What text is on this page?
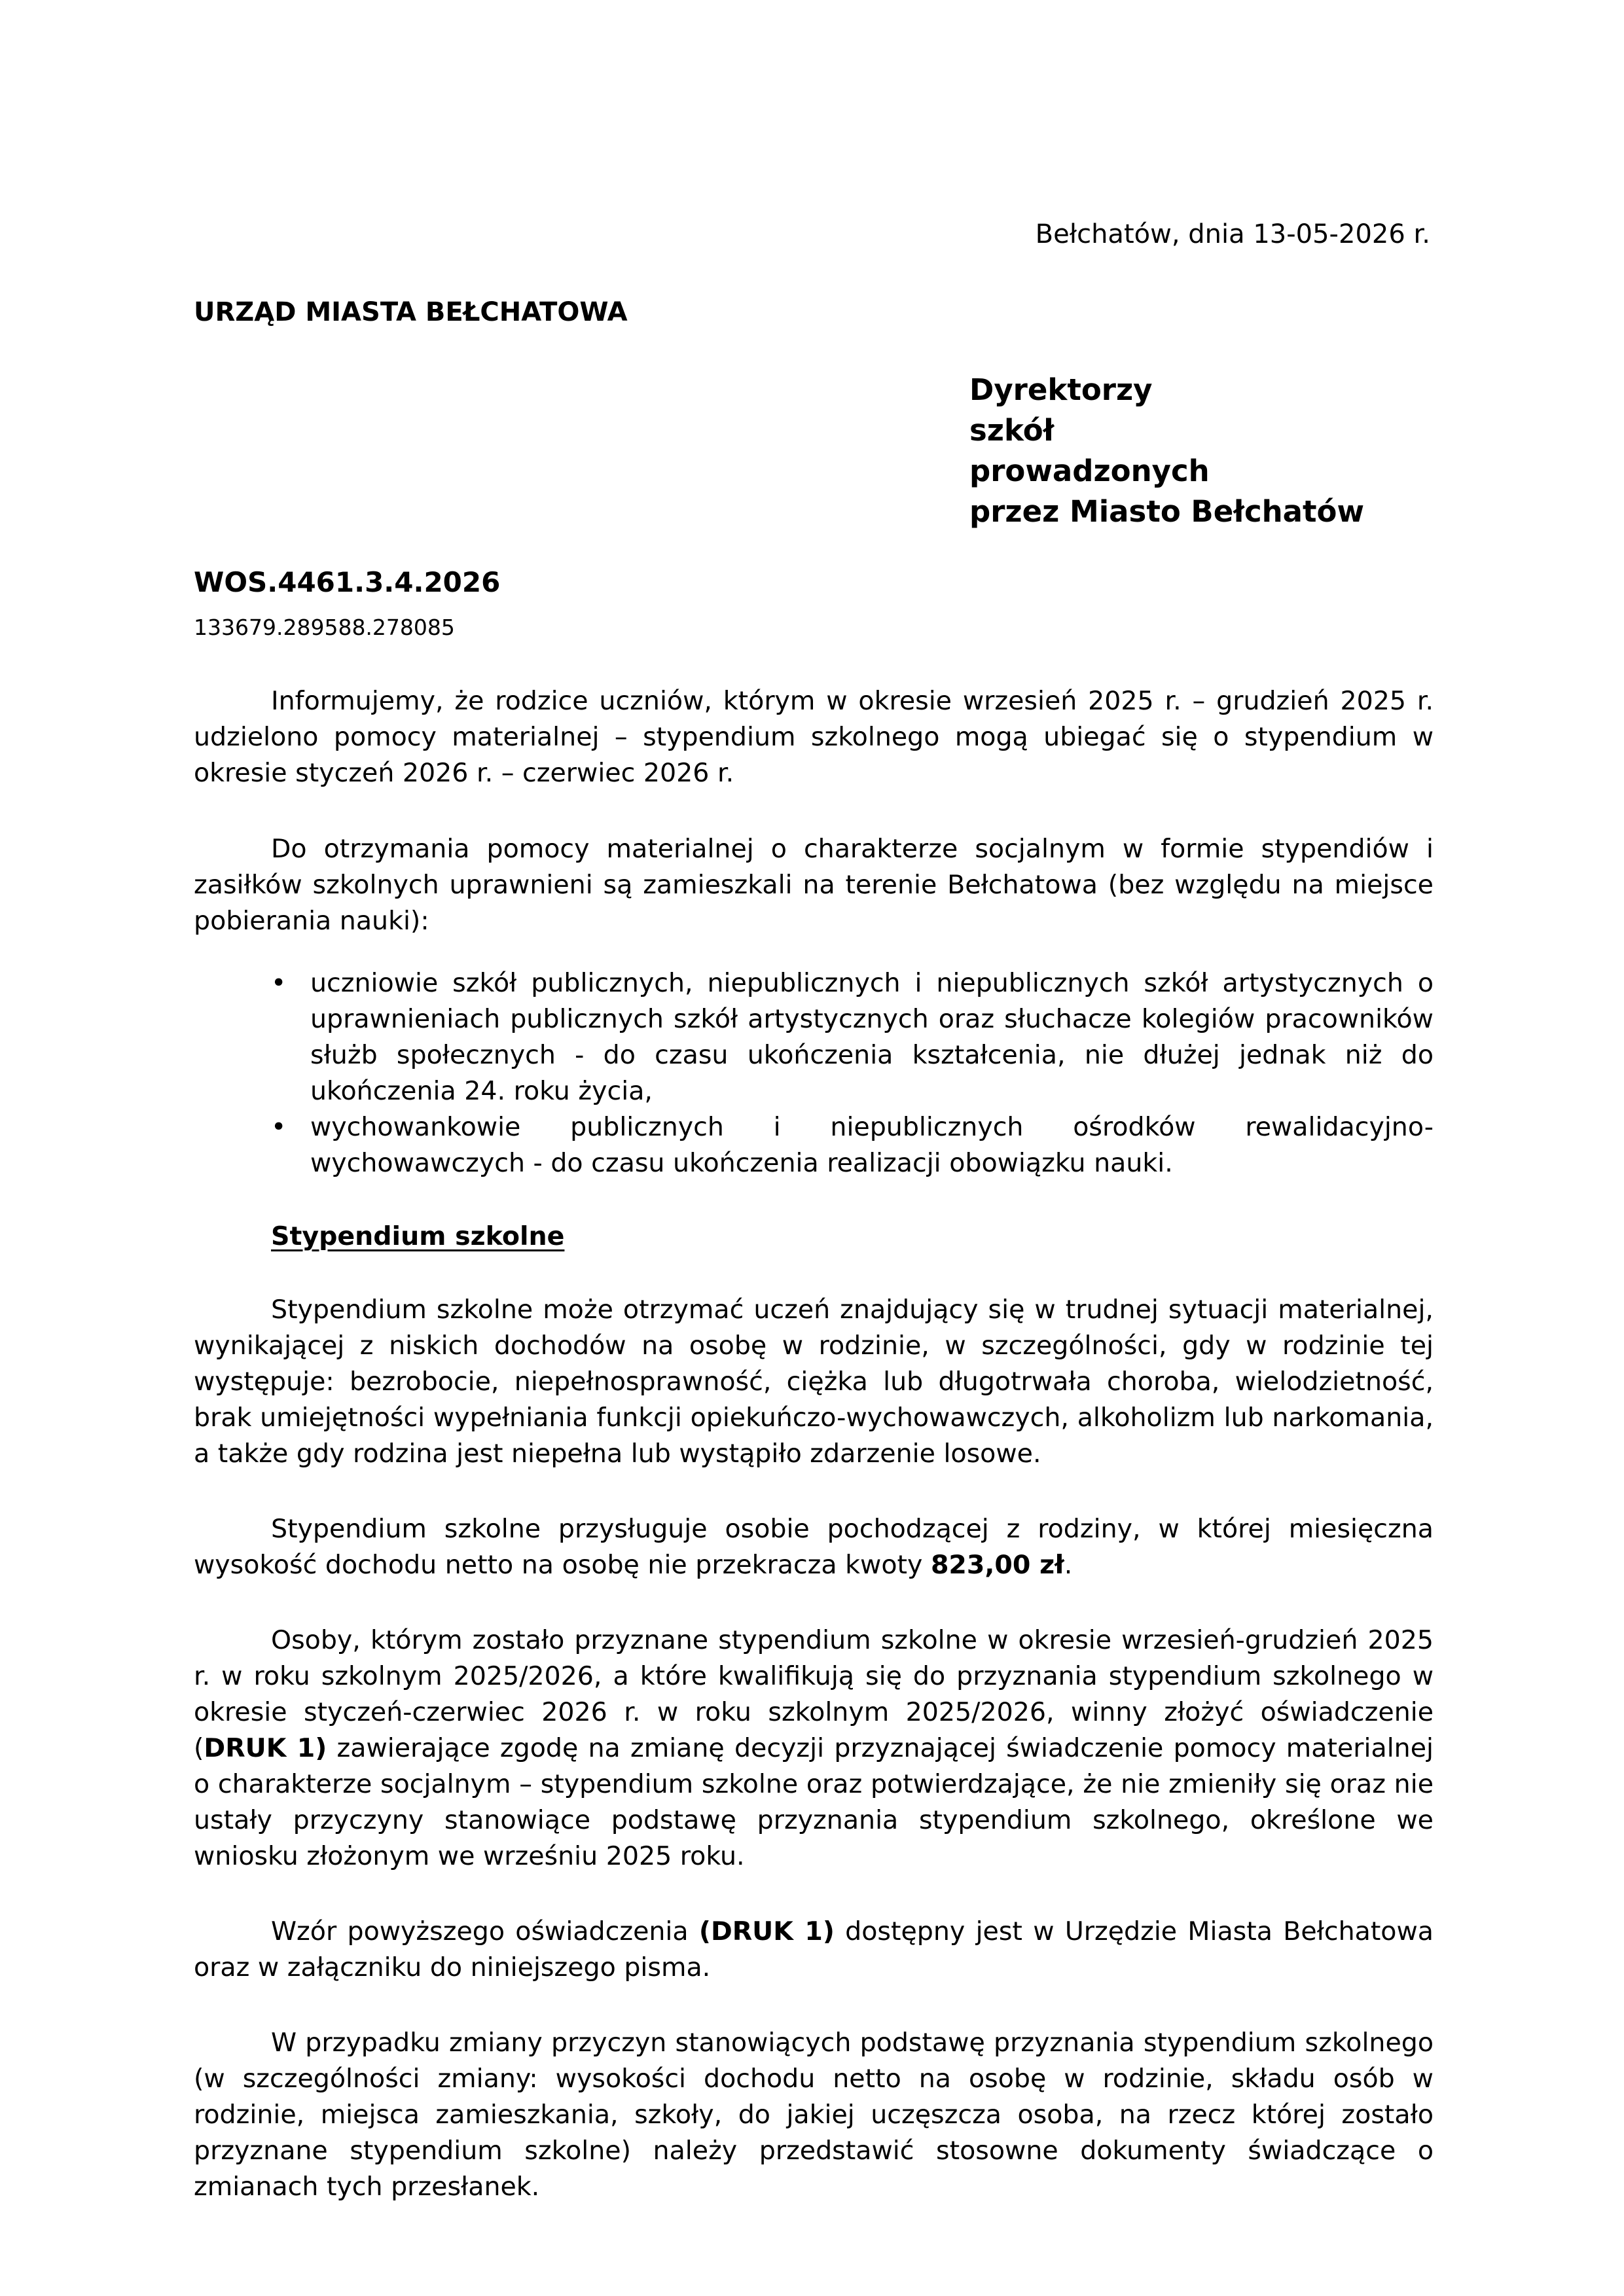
Bełchatów, dnia 13-05-2026 r.
URZĄD MIASTA BEŁCHATOWA
Dyrektorzy
szkół
prowadzonych
przez Miasto Bełchatów
WOS.4461.3.4.2026
133679.289588.278085

Informujemy, że rodzice uczniów, którym w okresie wrzesień 2025 r. – grudzień 2025 r. udzielono pomocy materialnej – stypendium szkolnego mogą ubiegać się o stypendium w okresie styczeń 2026 r. – czerwiec 2026 r.

Do otrzymania pomocy materialnej o charakterze socjalnym w formie stypendiów i zasiłków szkolnych uprawnieni są zamieszkali na terenie Bełchatowa (bez względu na miejsce pobierania nauki):

• uczniowie szkół publicznych, niepublicznych i niepublicznych szkół artystycznych o uprawnieniach publicznych szkół artystycznych oraz słuchacze kolegiów pracowników służb społecznych - do czasu ukończenia kształcenia, nie dłużej jednak niż do ukończenia 24. roku życia,
• wychowankowie publicznych i niepublicznych ośrodków rewalidacyjno-wychowawczych - do czasu ukończenia realizacji obowiązku nauki.
Stypendium szkolne

Stypendium szkolne może otrzymać uczeń znajdujący się w trudnej sytuacji materialnej, wynikającej z niskich dochodów na osobę w rodzinie, w szczególności, gdy w rodzinie tej występuje: bezrobocie, niepełnosprawność, ciężka lub długotrwała choroba, wielodzietność, brak umiejętności wypełniania funkcji opiekuńczo-wychowawczych, alkoholizm lub narkomania, a także gdy rodzina jest niepełna lub wystąpiło zdarzenie losowe.

Stypendium szkolne przysługuje osobie pochodzącej z rodziny, w której miesięczna wysokość dochodu netto na osobę nie przekracza kwoty 823,00 zł.

Osoby, którym zostało przyznane stypendium szkolne w okresie wrzesień-grudzień 2025 r. w roku szkolnym 2025/2026, a które kwalifikują się do przyznania stypendium szkolnego w okresie styczeń-czerwiec 2026 r. w roku szkolnym 2025/2026, winny złożyć oświadczenie (DRUK 1) zawierające zgodę na zmianę decyzji przyznającej świadczenie pomocy materialnej o charakterze socjalnym – stypendium szkolne oraz potwierdzające, że nie zmieniły się oraz nie ustały przyczyny stanowiące podstawę przyznania stypendium szkolnego, określone we wniosku złożonym we wrześniu 2025 roku.

Wzór powyższego oświadczenia (DRUK 1) dostępny jest w Urzędzie Miasta Bełchatowa oraz w załączniku do niniejszego pisma.

W przypadku zmiany przyczyn stanowiących podstawę przyznania stypendium szkolnego (w szczególności zmiany: wysokości dochodu netto na osobę w rodzinie, składu osób w rodzinie, miejsca zamieszkania, szkoły, do jakiej uczęszcza osoba, na rzecz której zostało przyznane stypendium szkolne) należy przedstawić stosowne dokumenty świadczące o zmianach tych przesłanek.
